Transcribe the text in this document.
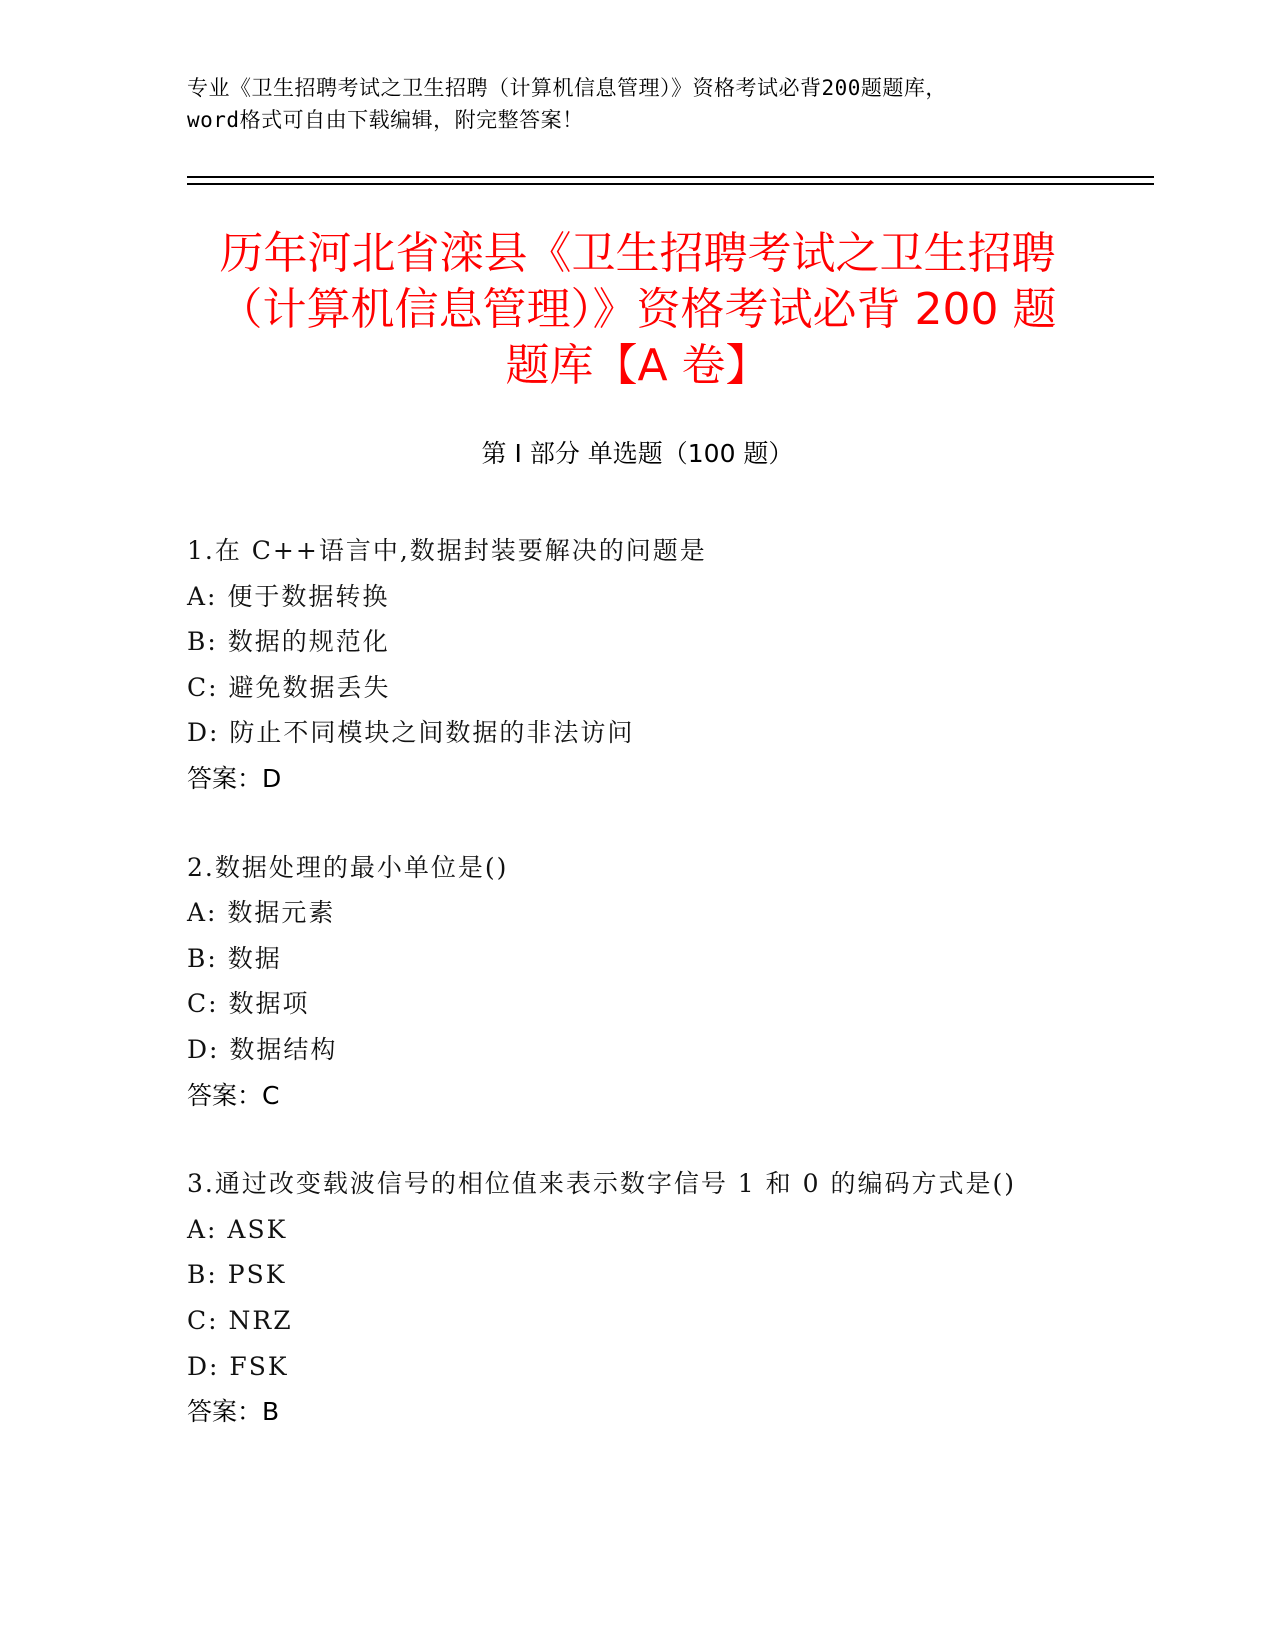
专业《卫生招聘考试之卫生招聘（计算机信息管理）》资格考试必背200题题库，
word格式可自由下载编辑，附完整答案！
历年河北省滦县《卫生招聘考试之卫生招聘
（计算机信息管理）》资格考试必背 200 题
题库【A 卷】
第 I 部分 单选题（100 题）
1.在 C++语言中,数据封装要解决的问题是
A: 便于数据转换
B: 数据的规范化
C: 避免数据丢失
D: 防止不同模块之间数据的非法访问
答案：D
2.数据处理的最小单位是()
A: 数据元素
B: 数据
C: 数据项
D: 数据结构
答案：C
3.通过改变载波信号的相位值来表示数字信号 1 和 0 的编码方式是()
A: ASK
B: PSK
C: NRZ
D: FSK
答案：B
